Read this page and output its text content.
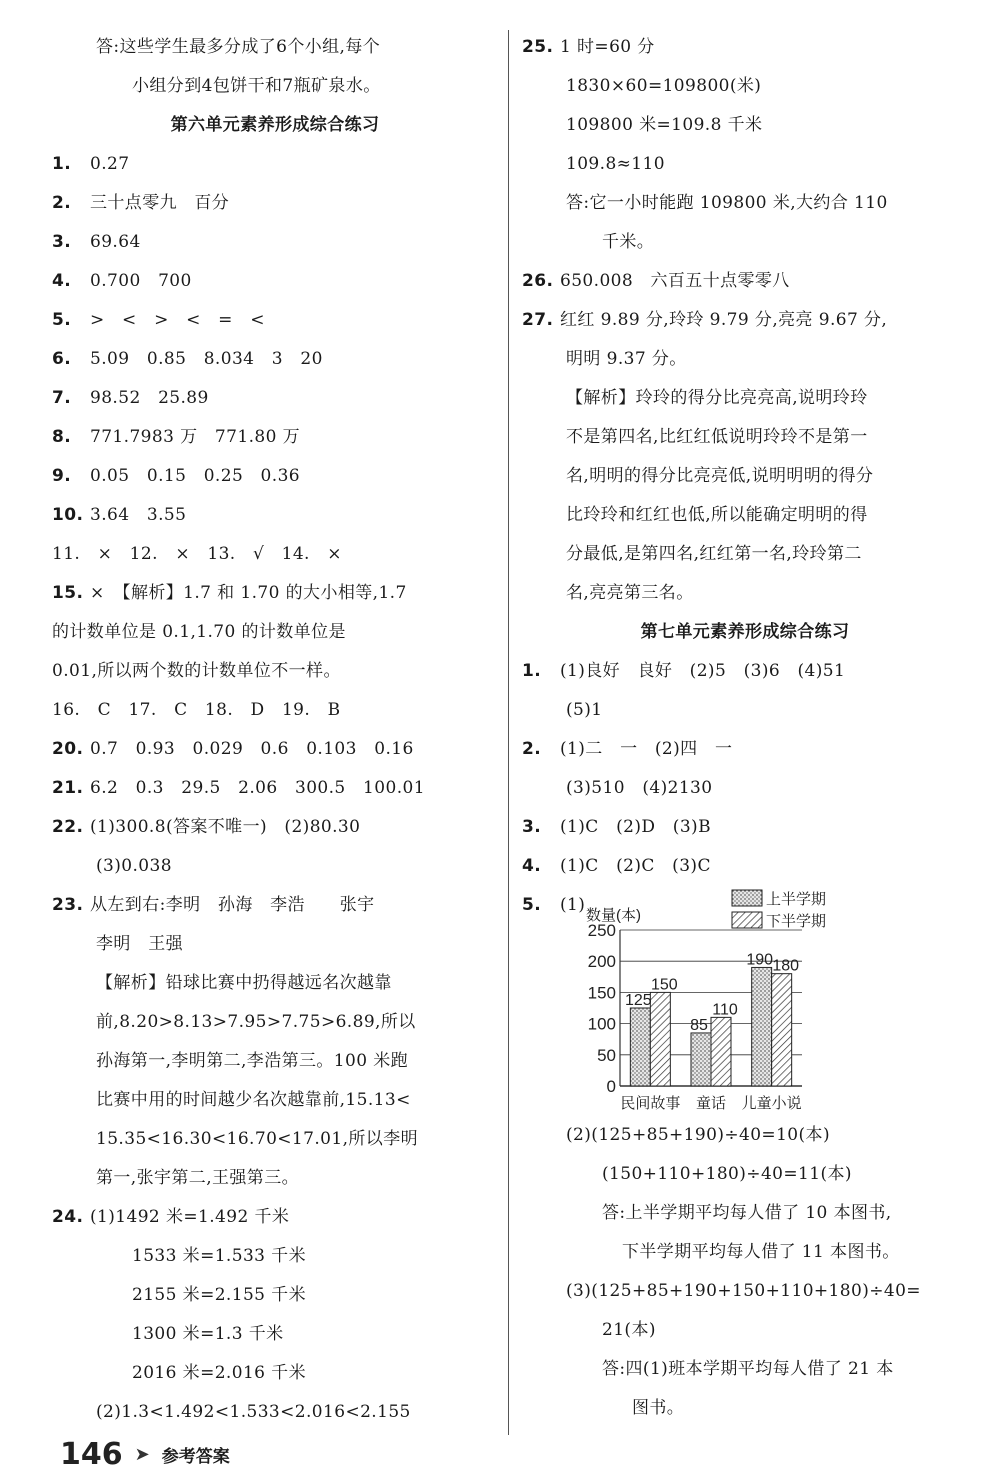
答:这些学生最多分成了6个小组,每个
小组分到4包饼干和7瓶矿泉水。
第六单元素养形成综合练习
1. 0.27
2. 三十点零九　百分
3. 69.64
4. 0.700　700
5. >　<　>　<　=　<
6. 5.09　0.85　8.034　3　20
7. 98.52　25.89
8. 771.7983 万　771.80 万
9. 0.05　0.15　0.25　0.36
10. 3.64　3.55
11.　×　12.　×　13.　√　14.　×
15. ×　【解析】1.7 和 1.70 的大小相等,1.7
的计数单位是 0.1,1.70 的计数单位是
0.01,所以两个数的计数单位不一样。
16.　C　17.　C　18.　D　19.　B
20. 0.7　0.93　0.029　0.6　0.103　0.16
21. 6.2　0.3　29.5　2.06　300.5　100.01
22. (1)300.8(答案不唯一)　(2)80.30
(3)0.038
23. 从左到右:李明　孙海　李浩　　张宇
李明　王强
【解析】铅球比赛中扔得越远名次越靠
前,8.20>8.13>7.95>7.75>6.89,所以
孙海第一,李明第二,李浩第三。100 米跑
比赛中用的时间越少名次越靠前,15.13<
15.35<16.30<16.70<17.01,所以李明
第一,张宇第二,王强第三。
24. (1)1492 米=1.492 千米
1533 米=1.533 千米
2155 米=2.155 千米
1300 米=1.3 千米
2016 米=2.016 千米
(2)1.3<1.492<1.533<2.016<2.155
25. 1 时=60 分
1830×60=109800(米)
109800 米=109.8 千米
109.8≈110
答:它一小时能跑 109800 米,大约合 110
千米。
26. 650.008　六百五十点零零八
27. 红红 9.89 分,玲玲 9.79 分,亮亮 9.67 分,
明明 9.37 分。
【解析】玲玲的得分比亮亮高,说明玲玲
不是第四名,比红红低说明玲玲不是第一
名,明明的得分比亮亮低,说明明明的得分
比玲玲和红红也低,所以能确定明明的得
分最低,是第四名,红红第一名,玲玲第二
名,亮亮第三名。
第七单元素养形成综合练习
1. (1)良好　良好　(2)5　(3)6　(4)51
(5)1
2. (1)二　一　(2)四　一
(3)510　(4)2130
3. (1)C　(2)D　(3)B
4. (1)C　(2)C　(3)C
5. (1)
数量(本)
0
50
100
150
200
250
125
150
民间故事
85
110
童话
190 180
儿童小说
上半学期
下半学期
(2)(125+85+190)÷40=10(本)
(150+110+180)÷40=11(本)
答:上半学期平均每人借了 10 本图书,
下半学期平均每人借了 11 本图书。
(3)(125+85+190+150+110+180)÷40=
21(本)
答:四(1)班本学期平均每人借了 21 本
图书。
146 ➤ 参考答案
